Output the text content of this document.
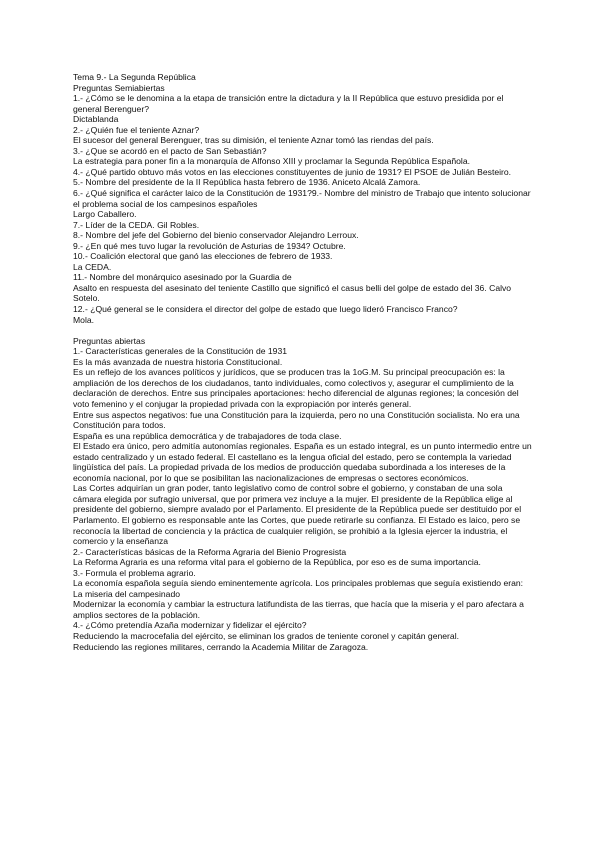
Tema 9.- La Segunda República
Preguntas Semiabiertas
1.- ¿Cómo se le denomina a la etapa de transición entre la dictadura y la II República que estuvo presidida por el general Berenguer?
Dictablanda
2.- ¿Quién fue el teniente Aznar?
El sucesor del general Berenguer, tras su dimisión, el teniente Aznar tomó las riendas del país.
3.- ¿Que se acordó en el pacto de San Sebastián?
La estrategia para poner fin a la monarquía de Alfonso XIII y proclamar la Segunda República Española.
4.- ¿Qué partido obtuvo más votos en las elecciones constituyentes de junio de 1931? El PSOE de Julián Besteiro.
5.- Nombre del presidente de la II República hasta febrero de 1936. Aniceto Alcalá Zamora.
6.- ¿Qué significa el carácter laico de la Constitución de 1931?9.- Nombre del ministro de Trabajo que intento solucionar el problema social de los campesinos españoles
Largo Caballero.
7.- Líder de la CEDA. Gil Robles.
8.- Nombre del jefe del Gobierno del bienio conservador Alejandro Lerroux.
9.- ¿En qué mes tuvo lugar la revolución de Asturias de 1934? Octubre.
10.- Coalición electoral que ganó las elecciones de febrero de 1933.
La CEDA.
11.- Nombre del monárquico asesinado por la Guardia de
Asalto en respuesta del asesinato del teniente Castillo que significó el casus belli del golpe de estado del 36. Calvo Sotelo.
12.- ¿Qué general se le considera el director del golpe de estado que luego lideró Francisco Franco?
Mola.
Preguntas abiertas
1.- Características generales de la Constitución de 1931
Es la más avanzada de nuestra historia Constitucional.
Es un reflejo de los avances políticos y jurídicos, que se producen tras la 1oG.M. Su principal preocupación es: la ampliación de los derechos de los ciudadanos, tanto individuales, como colectivos y, asegurar el cumplimiento de la declaración de derechos. Entre sus principales aportaciones: hecho diferencial de algunas regiones; la concesión del voto femenino y el conjugar la propiedad privada con la expropiación por interés general.
Entre sus aspectos negativos: fue una Constitución para la izquierda, pero no una Constitución socialista. No era una Constitución para todos.
España es una república democrática y de trabajadores de toda clase.
El Estado era único, pero admitía autonomías regionales. España es un estado integral, es un punto intermedio entre un estado centralizado y un estado federal. El castellano es la lengua oficial del estado, pero se contempla la variedad lingüística del país. La propiedad privada de los medios de producción quedaba subordinada a los intereses de la economía nacional, por lo que se posibilitan las nacionalizaciones de empresas o sectores económicos.
Las Cortes adquirían un gran poder, tanto legislativo como de control sobre el gobierno, y constaban de una sola cámara elegida por sufragio universal, que por primera vez incluye a la mujer. El presidente de la República elige al presidente del gobierno, siempre avalado por el Parlamento. El presidente de la República puede ser destituido por el Parlamento. El gobierno es responsable ante las Cortes, que puede retirarle su confianza. El Estado es laico, pero se reconocía la libertad de conciencia y la práctica de cualquier religión, se prohibió a la Iglesia ejercer la industria, el comercio y la enseñanza
2.- Características básicas de la Reforma Agraria del Bienio Progresista
La Reforma Agraria es una reforma vital para el gobierno de la República, por eso es de suma importancia.
3.- Formula el problema agrario.
La economía española seguía siendo eminentemente agrícola. Los principales problemas que seguía existiendo eran:
La miseria del campesinado
Modernizar la economía y cambiar la estructura latifundista de las tierras, que hacía que la miseria y el paro afectara a amplios sectores de la población.
4.- ¿Cómo pretendía Azaña modernizar y fidelizar el ejército?
Reduciendo la macrocefalia del ejército, se eliminan los grados de teniente coronel y capitán general.
Reduciendo las regiones militares, cerrando la Academia Militar de Zaragoza.
